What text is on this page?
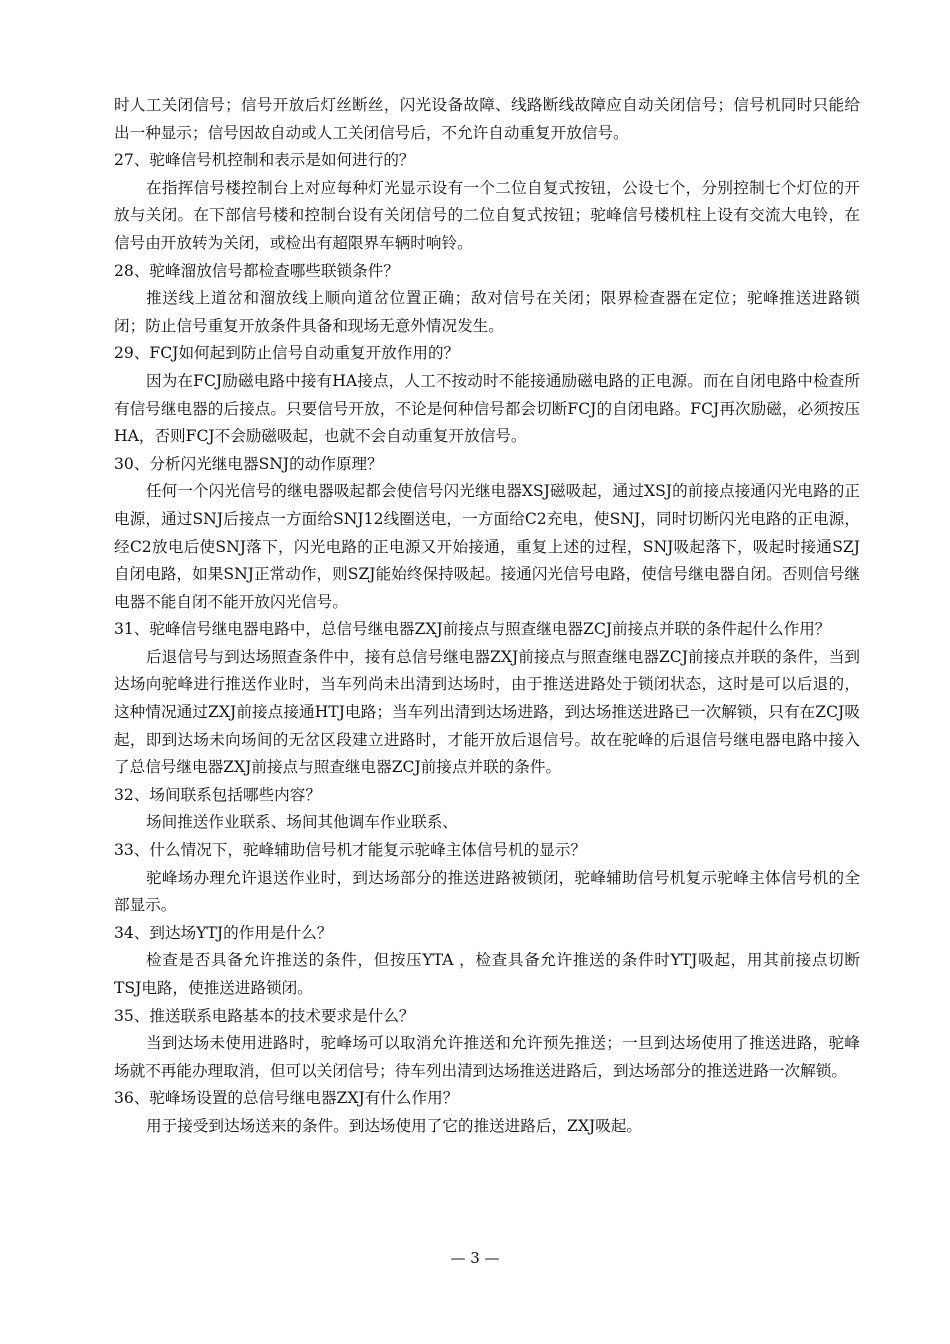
时人工关闭信号；信号开放后灯丝断丝，闪光设备故障、线路断线故障应自动关闭信号；信号机同时只能给出一种显示；信号因故自动或人工关闭信号后，不允许自动重复开放信号。

27、驼峰信号机控制和表示是如何进行的？

在指挥信号楼控制台上对应每种灯光显示设有一个二位自复式按钮，公设七个，分别控制七个灯位的开放与关闭。在下部信号楼和控制台设有关闭信号的二位自复式按钮；驼峰信号楼机柱上设有交流大电铃，在信号由开放转为关闭，或检出有超限界车辆时响铃。

28、驼峰溜放信号都检查哪些联锁条件？

推送线上道岔和溜放线上顺向道岔位置正确；敌对信号在关闭；限界检查器在定位；驼峰推送进路锁闭；防止信号重复开放条件具备和现场无意外情况发生。

29、FCJ如何起到防止信号自动重复开放作用的？

因为在FCJ励磁电路中接有HA接点，人工不按动时不能接通励磁电路的正电源。而在自闭电路中检查所有信号继电器的后接点。只要信号开放，不论是何种信号都会切断FCJ的自闭电路。FCJ再次励磁，必须按压HA，否则FCJ不会励磁吸起，也就不会自动重复开放信号。

30、分析闪光继电器SNJ的动作原理？

任何一个闪光信号的继电器吸起都会使信号闪光继电器XSJ磁吸起，通过XSJ的前接点接通闪光电路的正电源，通过SNJ后接点一方面给SNJ12线圈送电，一方面给C2充电，使SNJ，同时切断闪光电路的正电源，经C2放电后使SNJ落下，闪光电路的正电源又开始接通，重复上述的过程，SNJ吸起落下，吸起时接通SZJ自闭电路，如果SNJ正常动作，则SZJ能始终保持吸起。接通闪光信号电路，使信号继电器自闭。否则信号继电器不能自闭不能开放闪光信号。

31、驼峰信号继电器电路中，总信号继电器ZXJ前接点与照查继电器ZCJ前接点并联的条件起什么作用？

后退信号与到达场照查条件中，接有总信号继电器ZXJ前接点与照查继电器ZCJ前接点并联的条件，当到达场向驼峰进行推送作业时，当车列尚未出清到达场时，由于推送进路处于锁闭状态，这时是可以后退的，这种情况通过ZXJ前接点接通HTJ电路；当车列出清到达场进路，到达场推送进路已一次解锁，只有在ZCJ吸起，即到达场未向场间的无岔区段建立进路时，才能开放后退信号。故在驼峰的后退信号继电器电路中接入了总信号继电器ZXJ前接点与照查继电器ZCJ前接点并联的条件。

32、场间联系包括哪些内容？

场间推送作业联系、场间其他调车作业联系、

33、什么情况下，驼峰辅助信号机才能复示驼峰主体信号机的显示？

驼峰场办理允许退送作业时，到达场部分的推送进路被锁闭，驼峰辅助信号机复示驼峰主体信号机的全部显示。

34、到达场YTJ的作用是什么？

检查是否具备允许推送的条件，但按压YTA ，检查具备允许推送的条件时YTJ吸起，用其前接点切断TSJ电路，使推送进路锁闭。

35、推送联系电路基本的技术要求是什么？

当到达场未使用进路时，驼峰场可以取消允许推送和允许预先推送；一旦到达场使用了推送进路，驼峰场就不再能办理取消，但可以关闭信号；待车列出清到达场推送进路后，到达场部分的推送进路一次解锁。

36、驼峰场设置的总信号继电器ZXJ有什么作用？

用于接受到达场送来的条件。到达场使用了它的推送进路后，ZXJ吸起。

— 3 —
